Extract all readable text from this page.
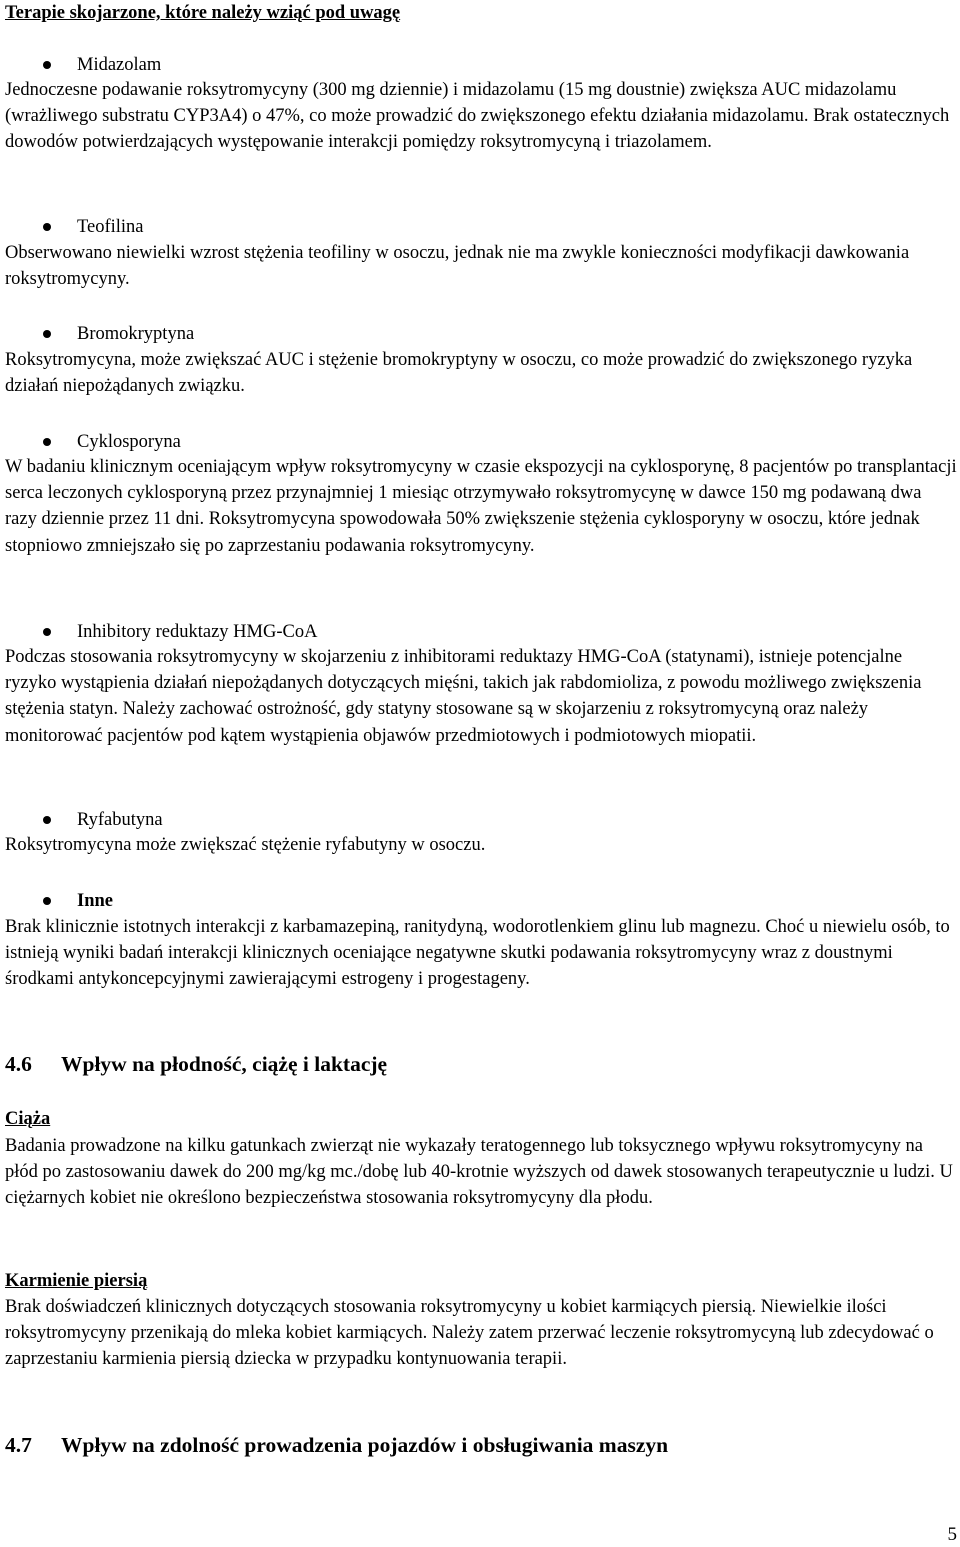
Terapie skojarzone, które należy wziąć pod uwagę
Midazolam

Jednoczesne podawanie roksytromycyny (300 mg dziennie) i midazolamu (15 mg doustnie) zwiększa AUC midazolamu (wrażliwego substratu CYP3A4) o 47%, co może prowadzić do zwiększonego efektu działania midazolamu. Brak ostatecznych dowodów potwierdzających występowanie interakcji pomiędzy roksytromycyną i triazolamem.

Teofilina

Obserwowano niewielki wzrost stężenia teofiliny w osoczu, jednak nie ma zwykle konieczności modyfikacji dawkowania roksytromycyny.

Bromokryptyna

Roksytromycyna, może zwiększać AUC i stężenie bromokryptyny w osoczu, co może prowadzić do zwiększonego ryzyka działań niepożądanych związku.

Cyklosporyna

W badaniu klinicznym oceniającym wpływ roksytromycyny w czasie ekspozycji na cyklosporynę, 8 pacjentów po transplantacji serca leczonych cyklosporyną przez przynajmniej 1 miesiąc otrzymywało roksytromycynę w dawce 150 mg podawaną dwa razy dziennie przez 11 dni. Roksytromycyna spowodowała 50% zwiększenie stężenia cyklosporyny w osoczu, które jednak stopniowo zmniejszało się po zaprzestaniu podawania roksytromycyny.

Inhibitory reduktazy HMG-CoA

Podczas stosowania roksytromycyny w skojarzeniu z inhibitorami reduktazy HMG-CoA (statynami), istnieje potencjalne ryzyko wystąpienia działań niepożądanych dotyczących mięśni, takich jak rabdomioliza, z powodu możliwego zwiększenia stężenia statyn. Należy zachować ostrożność, gdy statyny stosowane są w skojarzeniu z roksytromycyną oraz należy monitorować pacjentów pod kątem wystąpienia objawów przedmiotowych i podmiotowych miopatii.

Ryfabutyna

Roksytromycyna może zwiększać stężenie ryfabutyny w osoczu.

Inne

Brak klinicznie istotnych interakcji z karbamazepiną, ranitydyną, wodorotlenkiem glinu lub magnezu. Choć u niewielu osób, to istnieją wyniki badań interakcji klinicznych oceniające negatywne skutki podawania roksytromycyny wraz z doustnymi środkami antykoncepcyjnymi zawierającymi estrogeny i progestageny.

4.6 Wpływ na płodność, ciążę i laktację
Ciąża

Badania prowadzone na kilku gatunkach zwierząt nie wykazały teratogennego lub toksycznego wpływu roksytromycyny na płód po zastosowaniu dawek do 200 mg/kg mc./dobę lub 40-krotnie wyższych od dawek stosowanych terapeutycznie u ludzi. U ciężarnych kobiet nie określono bezpieczeństwa stosowania roksytromycyny dla płodu.

Karmienie piersią

Brak doświadczeń klinicznych dotyczących stosowania roksytromycyny u kobiet karmiących piersią. Niewielkie ilości roksytromycyny przenikają do mleka kobiet karmiących. Należy zatem przerwać leczenie roksytromycyną lub zdecydować o zaprzestaniu karmienia piersią dziecka w przypadku kontynuowania terapii.

4.7 Wpływ na zdolność prowadzenia pojazdów i obsługiwania maszyn
5
